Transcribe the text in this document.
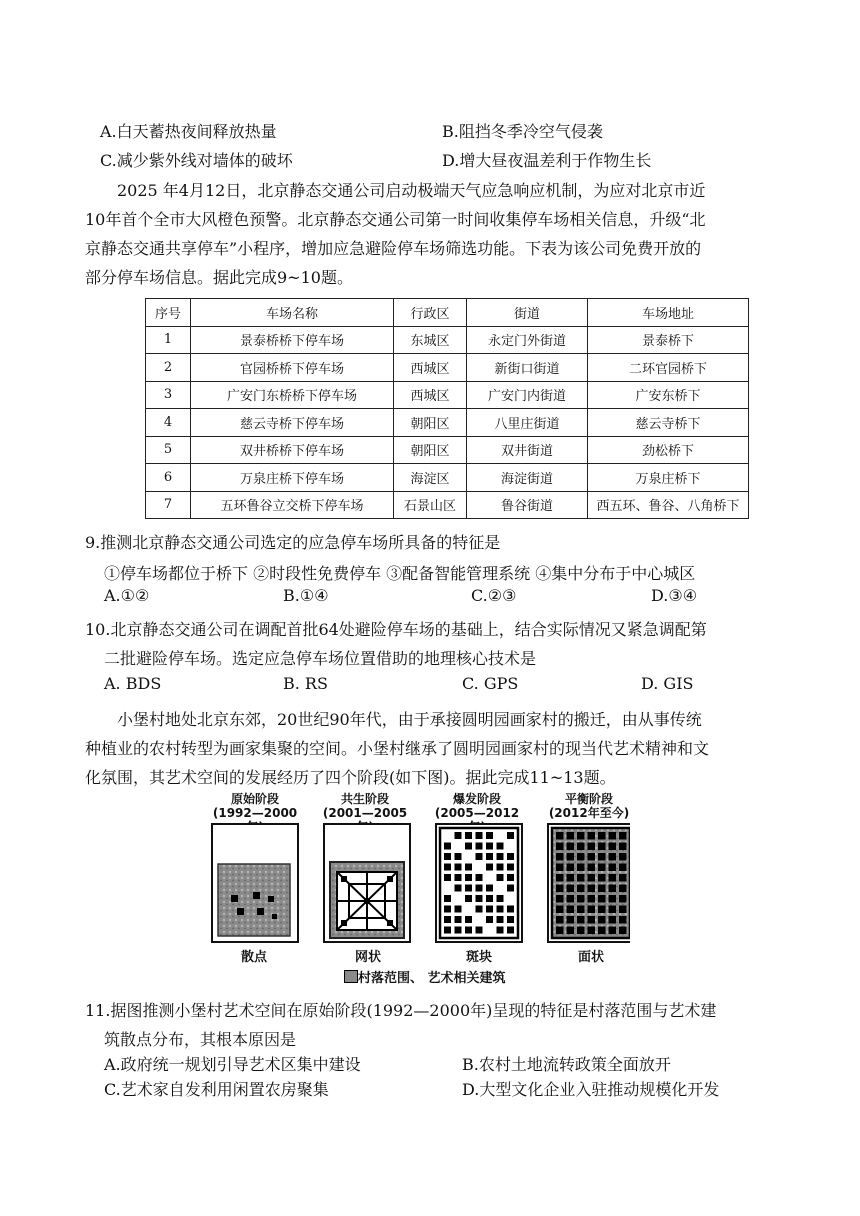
A.白天蓄热夜间释放热量	B.阻挡冬季冷空气侵袭
C.减少紫外线对墙体的破坏	D.增大昼夜温差利于作物生长
2025 年4月12日，北京静态交通公司启动极端天气应急响应机制，为应对北京市近
10年首个全市大风橙色预警。北京静态交通公司第一时间收集停车场相关信息，升级“北
京静态交通共享停车”小程序，增加应急避险停车场筛选功能。下表为该公司免费开放的
部分停车场信息。据此完成9~10题。
序号	车场名称	行政区	街道	车场地址
1	景泰桥桥下停车场	东城区	永定门外街道	景泰桥下
2	官园桥桥下停车场	西城区	新街口街道	二环官园桥下
3	广安门东桥桥下停车场	西城区	广安门内街道	广安东桥下
4	慈云寺桥下停车场	朝阳区	八里庄街道	慈云寺桥下
5	双井桥桥下停车场	朝阳区	双井街道	劲松桥下
6	万泉庄桥下停车场	海淀区	海淀街道	万泉庄桥下
7	五环鲁谷立交桥下停车场	石景山区	鲁谷街道	西五环、鲁谷、八角桥下
9.推测北京静态交通公司选定的应急停车场所具备的特征是
①停车场都位于桥下 ②时段性免费停车 ③配备智能管理系统 ④集中分布于中心城区
A.①②	B.①④	C.②③	D.③④
10.北京静态交通公司在调配首批64处避险停车场的基础上，结合实际情况又紧急调配第
二批避险停车场。选定应急停车场位置借助的地理核心技术是
A. BDS	B. RS	C. GPS	D. GIS
小堡村地处北京东郊，20世纪90年代，由于承接圆明园画家村的搬迁，由从事传统
种植业的农村转型为画家集聚的空间。小堡村继承了圆明园画家村的现当代艺术精神和文
化氛围，其艺术空间的发展经历了四个阶段(如下图)。据此完成11~13题。
原始阶段
(1992—2000
共生阶段
(2001—2005
爆发阶段
(2005—2012
平衡阶段
(2012年至今)
散点	网状	斑块	面状
村落范围、 艺术相关建筑
11.据图推测小堡村艺术空间在原始阶段(1992—2000年)呈现的特征是村落范围与艺术建
筑散点分布，其根本原因是
A.政府统一规划引导艺术区集中建设	B.农村土地流转政策全面放开
C.艺术家自发利用闲置农房聚集	D.大型文化企业入驻推动规模化开发
